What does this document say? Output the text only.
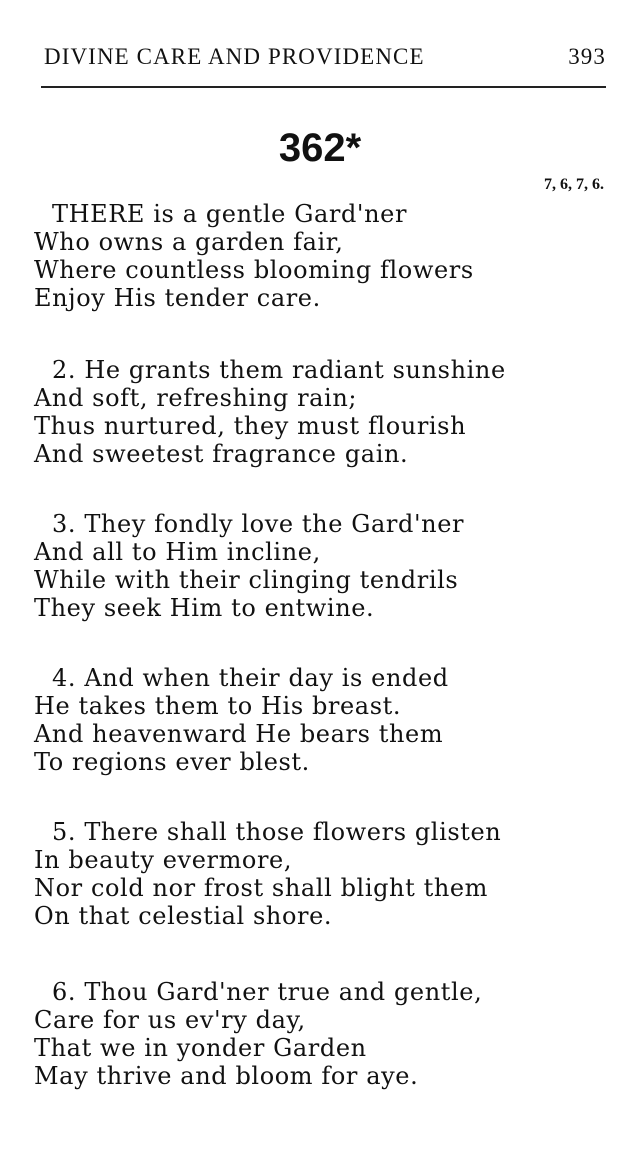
DIVINE CARE AND PROVIDENCE	393
362*
7, 6, 7, 6.
THERE is a gentle Gard'ner
Who owns a garden fair,
Where countless blooming flowers
Enjoy His tender care.
2. He grants them radiant sunshine
And soft, refreshing rain;
Thus nurtured, they must flourish
And sweetest fragrance gain.
3. They fondly love the Gard'ner
And all to Him incline,
While with their clinging tendrils
They seek Him to entwine.
4. And when their day is ended
He takes them to His breast.
And heavenward He bears them
To regions ever blest.
5. There shall those flowers glisten
In beauty evermore,
Nor cold nor frost shall blight them
On that celestial shore.
6. Thou Gard'ner true and gentle,
Care for us ev'ry day,
That we in yonder Garden
May thrive and bloom for aye.
